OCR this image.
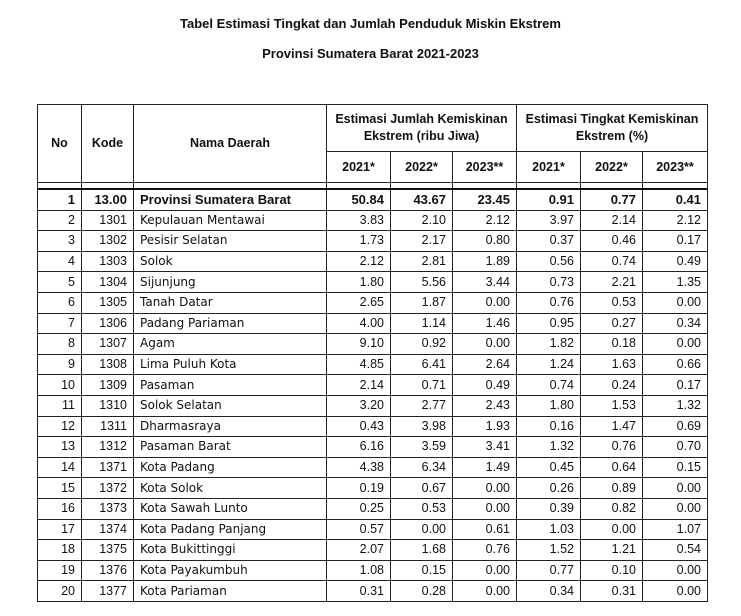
Tabel Estimasi Tingkat dan Jumlah Penduduk Miskin Ekstrem
Provinsi Sumatera Barat 2021-2023
No	Kode	Nama Daerah	Estimasi Jumlah Kemiskinan Ekstrem (ribu Jiwa)			Estimasi Tingkat Kemiskinan Ekstrem (%)		
			2021*	2022*	2023**	2021*	2022*	2023**

1	13.00	Provinsi Sumatera Barat	50.84	43.67	23.45	0.91	0.77	0.41
2	1301	Kepulauan Mentawai	3.83	2.10	2.12	3.97	2.14	2.12
3	1302	Pesisir Selatan	1.73	2.17	0.80	0.37	0.46	0.17
4	1303	Solok	2.12	2.81	1.89	0.56	0.74	0.49
5	1304	Sijunjung	1.80	5.56	3.44	0.73	2.21	1.35
6	1305	Tanah Datar	2.65	1.87	0.00	0.76	0.53	0.00
7	1306	Padang Pariaman	4.00	1.14	1.46	0.95	0.27	0.34
8	1307	Agam	9.10	0.92	0.00	1.82	0.18	0.00
9	1308	Lima Puluh Kota	4.85	6.41	2.64	1.24	1.63	0.66
10	1309	Pasaman	2.14	0.71	0.49	0.74	0.24	0.17
11	1310	Solok Selatan	3.20	2.77	2.43	1.80	1.53	1.32
12	1311	Dharmasraya	0.43	3.98	1.93	0.16	1.47	0.69
13	1312	Pasaman Barat	6.16	3.59	3.41	1.32	0.76	0.70
14	1371	Kota Padang	4.38	6.34	1.49	0.45	0.64	0.15
15	1372	Kota Solok	0.19	0.67	0.00	0.26	0.89	0.00
16	1373	Kota Sawah Lunto	0.25	0.53	0.00	0.39	0.82	0.00
17	1374	Kota Padang Panjang	0.57	0.00	0.61	1.03	0.00	1.07
18	1375	Kota Bukittinggi	2.07	1.68	0.76	1.52	1.21	0.54
19	1376	Kota Payakumbuh	1.08	0.15	0.00	0.77	0.10	0.00
20	1377	Kota Pariaman	0.31	0.28	0.00	0.34	0.31	0.00
